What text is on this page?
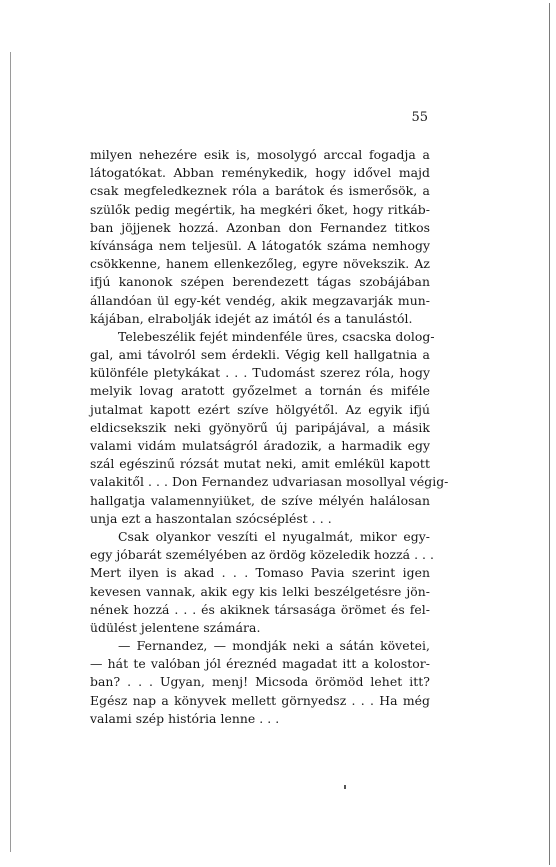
55
milyen nehezére esik is, mosolygó arccal fogadja a
látogatókat. Abban reménykedik, hogy idővel majd
csak megfeledkeznek róla a barátok és ismerősök, a
szülők pedig megértik, ha megkéri őket, hogy ritkáb-
ban jöjjenek hozzá. Azonban don Fernandez titkos
kívánsága nem teljesül. A látogatók száma nemhogy
csökkenne, hanem ellenkezőleg, egyre növekszik. Az
ifjú kanonok szépen berendezett tágas szobájában
állandóan ül egy-két vendég, akik megzavarják mun-
kájában, elrabolják idejét az imától és a tanulástól.
Telebeszélik fejét mindenféle üres, csacska dolog-
gal, ami távolról sem érdekli. Végig kell hallgatnia a
különféle pletykákat . . . Tudomást szerez róla, hogy
melyik lovag aratott győzelmet a tornán és miféle
jutalmat kapott ezért szíve hölgyétől. Az egyik ifjú
eldicsekszik neki gyönyörű új paripájával, a másik
valami vidám mulatságról áradozik, a harmadik egy
szál egészinű rózsát mutat neki, amit emlékül kapott
valakitől . . . Don Fernandez udvariasan mosollyal végig-
hallgatja valamennyiüket, de szíve mélyén halálosan
unja ezt a haszontalan szócséplést . . .
Csak olyankor veszíti el nyugalmát, mikor egy-
egy jóbarát személyében az ördög közeledik hozzá . . .
Mert ilyen is akad . . . Tomaso Pavia szerint igen
kevesen vannak, akik egy kis lelki beszélgetésre jön-
nének hozzá . . . és akiknek társasága örömet és fel-
üdülést jelentene számára.
— Fernandez, — mondják neki a sátán követei,
— hát te valóban jól éreznéd magadat itt a kolostor-
ban? . . . Ugyan, menj! Micsoda örömöd lehet itt?
Egész nap a könyvek mellett görnyedsz . . . Ha még
valami szép história lenne . . .
